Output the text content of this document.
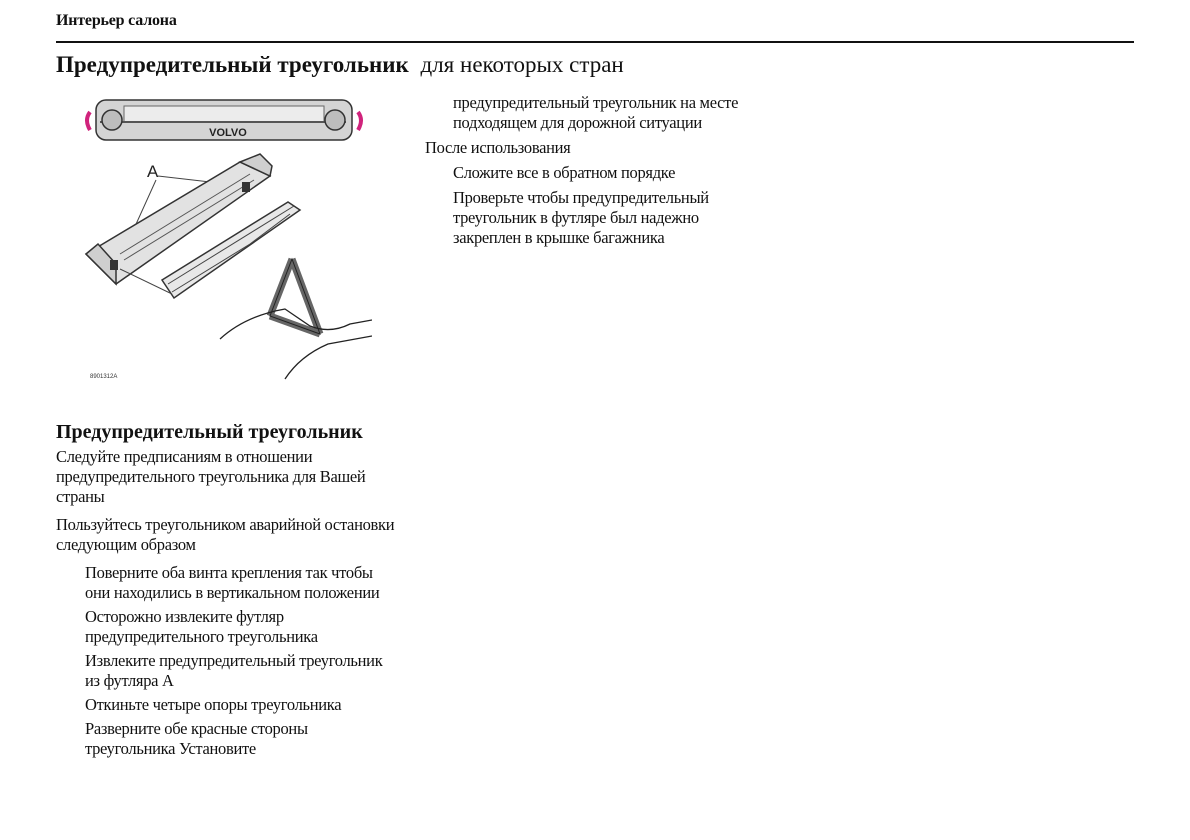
Интерьер салона
Предупредительный треугольник для некоторых стран
VOLVO
A
8901312A
Предупредительный треугольник

Следуйте предписаниям в отношении предупредительного треугольника для Вашей страны

Пользуйтесь треугольником аварийной остановки следующим образом

Поверните оба винта крепления так чтобы они находились в вертикальном положении
Осторожно извлеките футляр предупредительного треугольника
Извлеките предупредительный треугольник из футляра A
Откиньте четыре опоры треугольника
Разверните обе красные стороны треугольника Установите

предупредительный треугольник на месте подходящем для дорожной ситуации

После использования

Сложите все в обратном порядке

Проверьте чтобы предупредительный треугольник в футляре был надежно закреплен в крышке багажника
